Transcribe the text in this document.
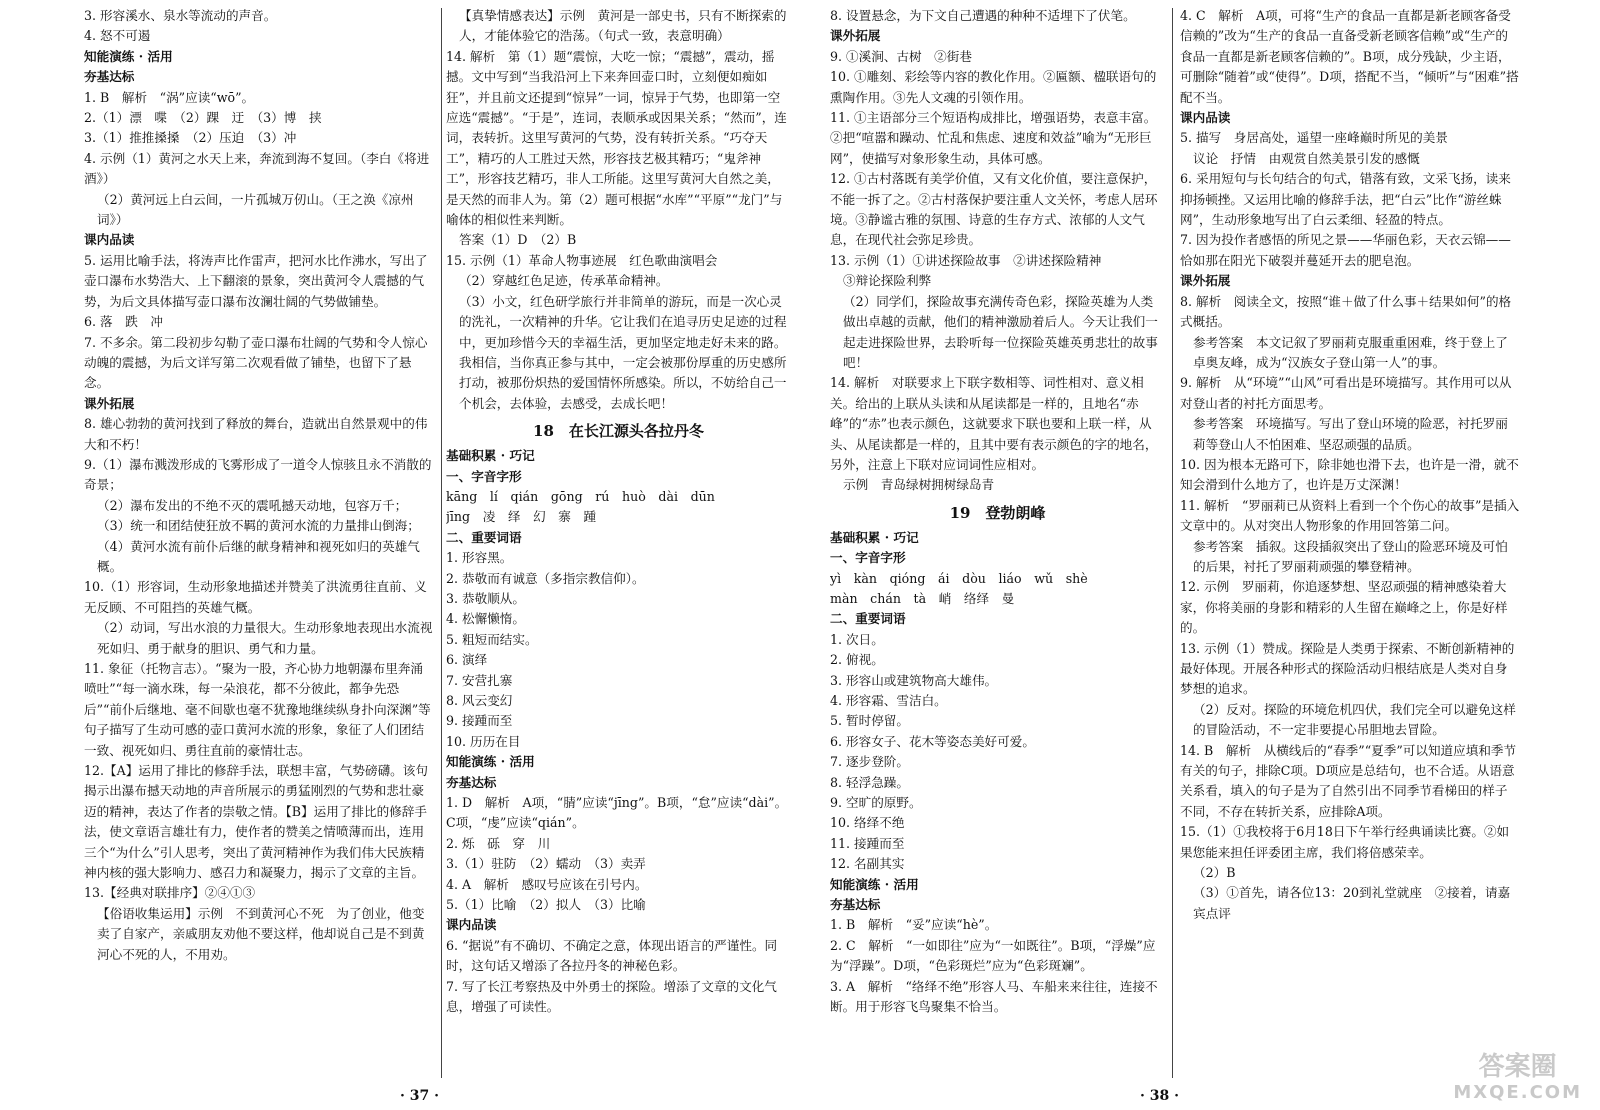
3. 形容溪水、泉水等流动的声音。

4. 怒不可遏

知能演练 · 活用

夯基达标

1. B　解析　“涡”应读“wō”。

2.（1）漂　喋　（2）踝　迂　（3）博　挟

3.（1）推推搡搡　（2）压迫　（3）冲

4. 示例（1）黄河之水天上来，奔流到海不复回。（李白《将进酒》）

（2）黄河远上白云间，一片孤城万仞山。（王之涣《凉州词》）

课内品读

5. 运用比喻手法，将涛声比作雷声，把河水比作沸水，写出了壶口瀑布水势浩大、上下翻滚的景象，突出黄河令人震撼的气势，为后文具体描写壶口瀑布汝澜壮阔的气势做铺垫。

6. 落　跌　冲

7. 不多余。第二段初步勾勒了壶口瀑布壮阔的气势和令人惊心动魄的震撼，为后文详写第二次观看做了铺垫，也留下了悬念。

课外拓展

8. 雄心勃勃的黄河找到了释放的舞台，造就出自然景观中的伟大和不朽！

9.（1）瀑布溅泼形成的飞雾形成了一道令人惊骇且永不消散的奇景；

（2）瀑布发出的不绝不灭的震吼撼天动地，包容万千；

（3）统一和团结使狂放不羁的黄河水流的力量排山倒海；

（4）黄河水流有前仆后继的献身精神和视死如归的英雄气概。

10.（1）形容词，生动形象地描述并赞美了洪流勇往直前、义无反顾、不可阻挡的英雄气概。

（2）动词，写出水浪的力量很大。生动形象地表现出水流视死如归、勇于献身的胆识、勇气和力量。

11. 象征（托物言志）。“聚为一股，齐心协力地朝瀑布里奔涌喷吐”“每一滴水珠，每一朵浪花，都不分彼此，都争先恐后”“前仆后继地、毫不间歇也毫不犹豫地继续纵身扑向深渊”等句子描写了生动可感的壶口黄河水流的形象，象征了人们团结一致、视死如归、勇往直前的豪情壮志。

12.【A】运用了排比的修辞手法，联想丰富，气势磅礴。该句揭示出瀑布撼天动地的声音所展示的勇猛刚烈的气势和悲壮豪迈的精神，表达了作者的崇敬之情。【B】运用了排比的修辞手法，使文章语言雄壮有力，使作者的赞美之情喷薄而出，连用三个“为什么”引人思考，突出了黄河精神作为我们伟大民族精神内核的强大影响力、感召力和凝聚力，揭示了文章的主旨。

13.【经典对联排序】②④①③

【俗语收集运用】示例　不到黄河心不死　为了创业，他变卖了自家产，亲戚朋友劝他不要这样，他却说自己是不到黄河心不死的人，不用劝。

【真挚情感表达】示例　黄河是一部史书，只有不断探索的人，才能体验它的浩荡。（句式一致，表意明确）

14. 解析　第（1）题“震惊，大吃一惊；“震撼”，震动，摇撼。文中写到“当我沿河上下来奔回壶口时，立刻便如痴如狂”，并且前文还提到“惊异”一词，惊异于气势，也即第一空应选“震撼”。“于是”，连词，表顺承或因果关系；“然而”，连词，表转折。这里写黄河的气势，没有转折关系。“巧夺天工”，精巧的人工胜过天然，形容技艺极其精巧；“鬼斧神工”，形容技艺精巧，非人工所能。这里写黄河大自然之美，是天然的而非人为。第（2）题可根据“水库”“平原”“龙门”与喻体的相似性来判断。

答案（1）D　（2）B

15. 示例（1）革命人物事迹展　红色歌曲演唱会

（2）穿越红色足迹，传承革命精神。

（3）小文，红色研学旅行并非简单的游玩，而是一次心灵的洗礼，一次精神的升华。它让我们在追寻历史足迹的过程中，更加珍惜今天的幸福生活，更加坚定地走好未来的路。我相信，当你真正参与其中，一定会被那份厚重的历史感所打动，被那份炽热的爱国情怀所感染。所以，不妨给自己一个机会，去体验，去感受，去成长吧！

18　在长江源头各拉丹冬

基础积累 · 巧记

一、字音字形

kāng　lí　qián　gōng　rú　huò　dài　dūn

jīng　凌　绎　幻　寨　踵

二、重要词语

1. 形容黑。

2. 恭敬而有诚意（多指宗教信仰）。

3. 恭敬顺从。

4. 松懈懒惰。

5. 粗短而结实。

6. 演绎

7. 安营扎寨

8. 风云变幻

9. 接踵而至

10. 历历在目

知能演练 · 活用

夯基达标

1. D　解析　A项，“腈”应读“jīng”。B项，“怠”应读“dài”。C项，“虔”应读“qián”。

2. 烁　砾　穿　川

3.（1）驻防　（2）蠕动　（3）卖弄

4. A　解析　感叹号应该在引号内。

5.（1）比喻　（2）拟人　（3）比喻

课内品读

6. “据说”有不确切、不确定之意，体现出语言的严谨性。同时，这句话又增添了各拉丹冬的神秘色彩。

7. 写了长江考察热及中外勇士的探险。增添了文章的文化气息，增强了可读性。

8. 设置悬念，为下文自己遭遇的种种不适埋下了伏笔。

课外拓展

9. ①溪涧、古树　②街巷

10. ①雕刻、彩绘等内容的教化作用。②匾额、楹联语句的熏陶作用。③先人文魂的引领作用。

11. ①主语部分三个短语构成排比，增强语势，表意丰富。②把“喧嚣和躁动、忙乱和焦虑、速度和效益”喻为“无形巨网”，使描写对象形象生动，具体可感。

12. ①古村落既有美学价值，又有文化价值，要注意保护，不能一拆了之。②古村落保护要注重人文关怀，考虑人居环境。③静谧古雅的氛围、诗意的生存方式、浓郁的人文气息，在现代社会弥足珍贵。

13. 示例（1）①讲述探险故事　②讲述探险精神

③辩论探险利弊

（2）同学们，探险故事充满传奇色彩，探险英雄为人类做出卓越的贡献，他们的精神激励着后人。今天让我们一起走进探险世界，去聆听每一位探险英雄英勇悲壮的故事吧！

14. 解析　对联要求上下联字数相等、词性相对、意义相关。给出的上联从头读和从尾读都是一样的，且地名“赤峰”的“赤”也表示颜色，这就要求下联也要和上联一样，从头、从尾读都是一样的，且其中要有表示颜色的字的地名，另外，注意上下联对应词词性应相对。

示例　青岛绿树拥树绿岛青

19　登勃朗峰

基础积累 · 巧记

一、字音字形

yì　kàn　qióng　ái　dòu　liáo　wǔ　shè

màn　chán　tà　峭　络绎　曼

二、重要词语

1. 次日。

2. 俯视。

3. 形容山或建筑物高大雄伟。

4. 形容霜、雪洁白。

5. 暂时停留。

6. 形容女子、花木等姿态美好可爱。

7. 逐步登阶。

8. 轻浮急躁。

9. 空旷的原野。

10. 络绎不绝

11. 接踵而至

12. 名副其实

知能演练 · 活用

夯基达标

1. B　解析　“妥”应读“hè”。

2. C　解析　“一如即往”应为“一如既往”。B项，“浮燥”应为“浮躁”。D项，“色彩斑烂”应为“色彩斑斓”。

3. A　解析　“络绎不绝”形容人马、车船来来往往，连接不断。用于形容飞鸟聚集不恰当。

4. C　解析　A项，可将“生产的食品一直都是新老顾客备受信赖的”改为“生产的食品一直备受新老顾客信赖”或“生产的食品一直都是新老顾客信赖的”。B项，成分残缺，少主语，可删除“随着”或“使得”。D项，搭配不当，“倾听”与“困难”搭配不当。

课内品读

5. 描写　身居高处，遥望一座峰巅时所见的美景

议论　抒情　由观赏自然美景引发的感慨

6. 采用短句与长句结合的句式，错落有致，文采飞扬，读来抑扬顿挫。又运用比喻的修辞手法，把“白云”比作“游丝蛛网”，生动形象地写出了白云柔细、轻盈的特点。

7. 因为投作者感悟的所见之景——华丽色彩，天衣云锦——恰如那在阳光下破裂并蔓延开去的肥皂泡。

课外拓展

8. 解析　阅读全文，按照“谁＋做了什么事＋结果如何”的格式概括。

参考答案　本文记叙了罗丽莉克服重重困难，终于登上了卓奥友峰，成为“汉族女子登山第一人”的事。

9. 解析　从“环境”“山风”可看出是环境描写。其作用可以从对登山者的衬托方面思考。

参考答案　环境描写。写出了登山环境的险恶，衬托罗丽莉等登山人不怕困难、坚忍顽强的品质。

10. 因为根本无路可下，除非她也滑下去，也许是一滑，就不知会滑到什么地方了，也许是万丈深渊！

11. 解析　“罗丽莉已从资料上看到一个个伤心的故事”是插入文章中的。从对突出人物形象的作用回答第二问。

参考答案　插叙。这段插叙突出了登山的险恶环境及可怕的后果，衬托了罗丽莉顽强的攀登精神。

12. 示例　罗丽莉，你追逐梦想、坚忍顽强的精神感染着大家，你将美丽的身影和精彩的人生留在巅峰之上，你是好样的。

13. 示例（1）赞成。探险是人类勇于探索、不断创新精神的最好体现。开展各种形式的探险活动归根结底是人类对自身梦想的追求。

（2）反对。探险的环境危机四伏，我们完全可以避免这样的冒险活动，不一定非要提心吊胆地去冒险。

14. B　解析　从横线后的“春季”“夏季”可以知道应填和季节有关的句子，排除C项。D项应是总结句，也不合适。从语意关系看，填入的句子是为了自然引出不同季节看梯田的样子不同，不存在转折关系，应排除A项。

15.（1）①我校将于6月18日下午举行经典诵读比赛。②如果您能来担任评委团主席，我们将倍感荣幸。

（2）B

（3）①首先，请各位13：20到礼堂就座　②接着，请嘉宾点评

· 37 ·	· 38 ·
答案圈
MXQE.COM
